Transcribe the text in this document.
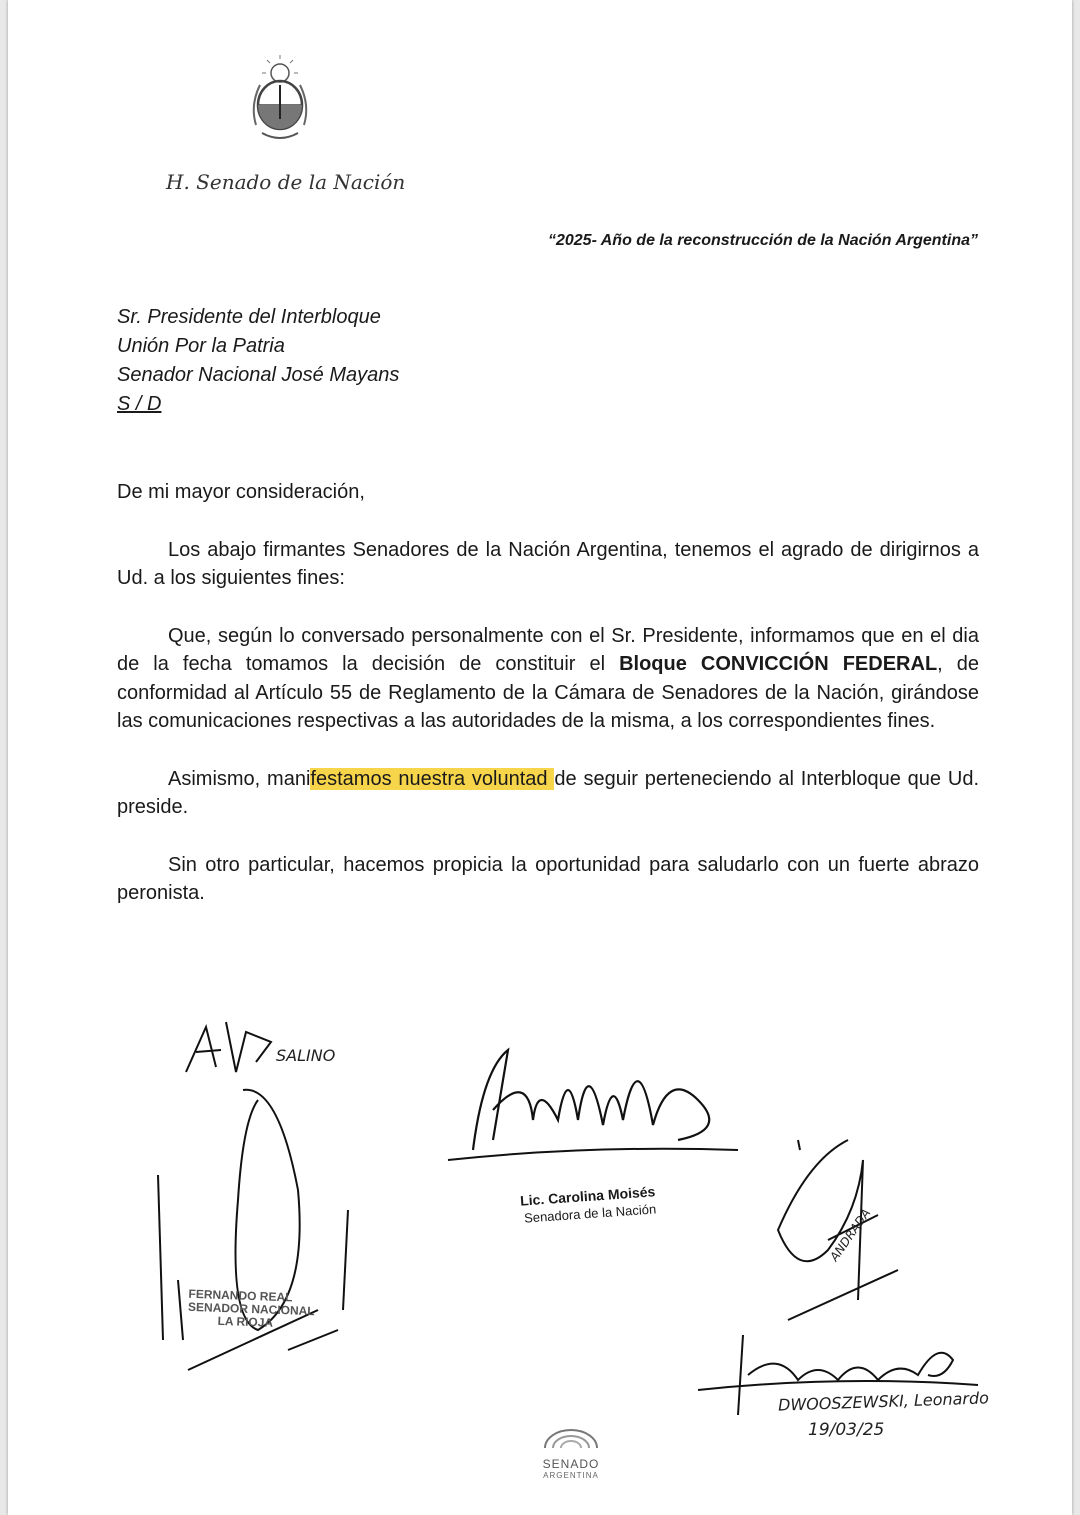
H. Senado de la Nación
“2025- Año de la reconstrucción de la Nación Argentina”
Sr. Presidente del Interbloque
Unión Por la Patria
Senador Nacional José Mayans
S / D

De mi mayor consideración,

Los abajo firmantes Senadores de la Nación Argentina, tenemos el agrado de dirigirnos a Ud. a los siguientes fines:

Que, según lo conversado personalmente con el Sr. Presidente, informamos que en el dia de la fecha tomamos la decisión de constituir el Bloque CONVICCIÓN FEDERAL, de conformidad al Artículo 55 de Reglamento de la Cámara de Senadores de la Nación, girándose las comunicaciones respectivas a las autoridades de la misma, a los correspondientes fines.

Asimismo, manifestamos nuestra voluntad de seguir perteneciendo al Interbloque que Ud. preside.

Sin otro particular, hacemos propicia la oportunidad para saludarlo con un fuerte abrazo peronista.

SALINO
Lic. Carolina Moisés
Senadora de la Nación
FERNANDO REAL
SENADOR NACIONAL
LA RIOJA
ANDRADA
DWOOSZEWSKI, Leonardo
19/03/25
SENADO
ARGENTINA
